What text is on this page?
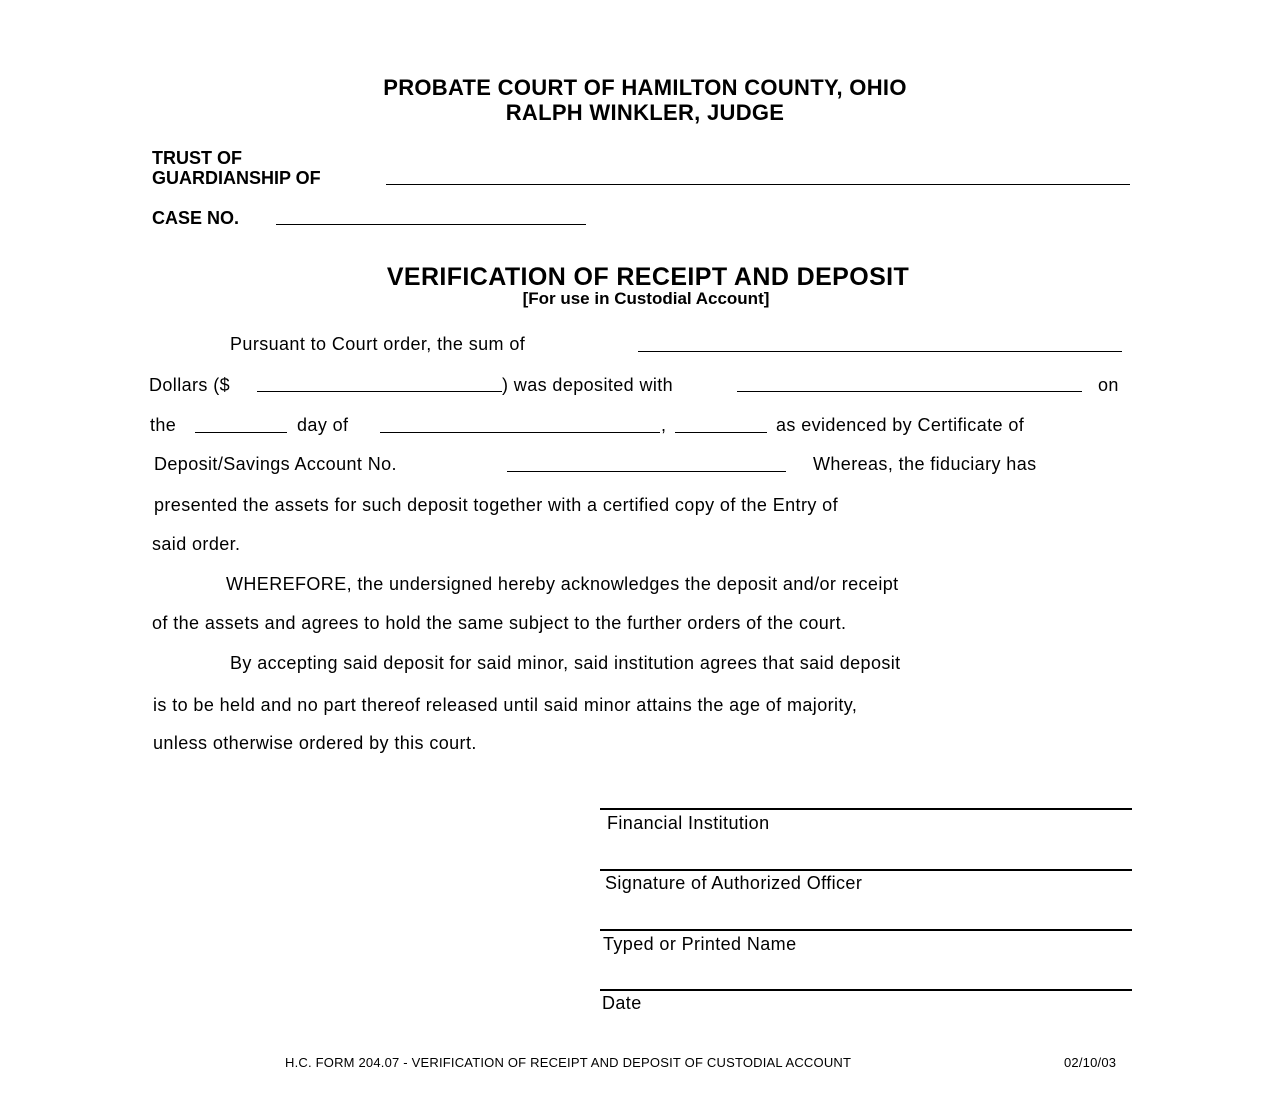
PROBATE COURT OF HAMILTON COUNTY, OHIO
RALPH WINKLER, JUDGE
TRUST OF
GUARDIANSHIP OF
CASE NO.
VERIFICATION OF RECEIPT AND DEPOSIT
[For use in Custodial Account]
Pursuant to Court order, the sum of
Dollars ($	) was deposited with	on
the	day of	,	as evidenced by Certificate of
Deposit/Savings Account No.	Whereas, the fiduciary has
presented the assets for such deposit together with a certified copy of the Entry of
said order.
WHEREFORE, the undersigned hereby acknowledges the deposit and/or receipt
of the assets and agrees to hold the same subject to the further orders of the court.
By accepting said deposit for said minor, said institution agrees that said deposit
is to be held and no part thereof released until said minor attains the age of majority,
unless otherwise ordered by this court.
Financial Institution
Signature of Authorized Officer
Typed or Printed Name
Date
H.C. FORM 204.07 - VERIFICATION OF RECEIPT AND DEPOSIT OF CUSTODIAL ACCOUNT	02/10/03
